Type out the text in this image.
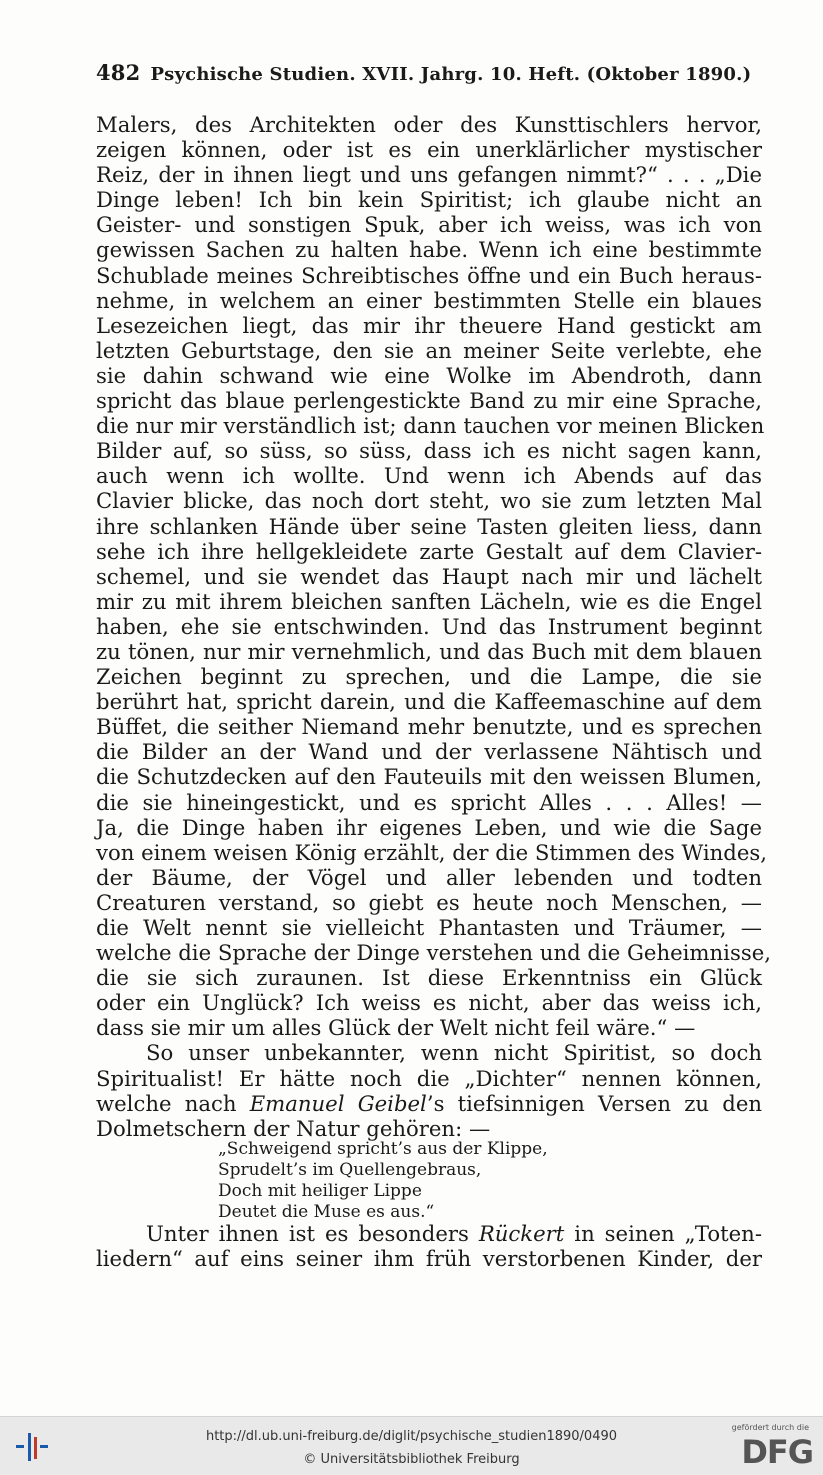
482 Psychische Studien. XVII. Jahrg. 10. Heft. (Oktober 1890.)
Malers, des Architekten oder des Kunsttischlers hervor,
zeigen können, oder ist es ein unerklärlicher mystischer
Reiz, der in ihnen liegt und uns gefangen nimmt?“ . . . „Die
Dinge leben! Ich bin kein Spiritist; ich glaube nicht an
Geister- und sonstigen Spuk, aber ich weiss, was ich von
gewissen Sachen zu halten habe. Wenn ich eine bestimmte
Schublade meines Schreibtisches öffne und ein Buch heraus-
nehme, in welchem an einer bestimmten Stelle ein blaues
Lesezeichen liegt, das mir ihr theuere Hand gestickt am
letzten Geburtstage, den sie an meiner Seite verlebte, ehe
sie dahin schwand wie eine Wolke im Abendroth, dann
spricht das blaue perlengestickte Band zu mir eine Sprache,
die nur mir verständlich ist; dann tauchen vor meinen Blicken
Bilder auf, so süss, so süss, dass ich es nicht sagen kann,
auch wenn ich wollte. Und wenn ich Abends auf das
Clavier blicke, das noch dort steht, wo sie zum letzten Mal
ihre schlanken Hände über seine Tasten gleiten liess, dann
sehe ich ihre hellgekleidete zarte Gestalt auf dem Clavier-
schemel, und sie wendet das Haupt nach mir und lächelt
mir zu mit ihrem bleichen sanften Lächeln, wie es die Engel
haben, ehe sie entschwinden. Und das Instrument beginnt
zu tönen, nur mir vernehmlich, und das Buch mit dem blauen
Zeichen beginnt zu sprechen, und die Lampe, die sie
berührt hat, spricht darein, und die Kaffeemaschine auf dem
Büffet, die seither Niemand mehr benutzte, und es sprechen
die Bilder an der Wand und der verlassene Nähtisch und
die Schutzdecken auf den Fauteuils mit den weissen Blumen,
die sie hineingestickt, und es spricht Alles . . . Alles! —
Ja, die Dinge haben ihr eigenes Leben, und wie die Sage
von einem weisen König erzählt, der die Stimmen des Windes,
der Bäume, der Vögel und aller lebenden und todten
Creaturen verstand, so giebt es heute noch Menschen, —
die Welt nennt sie vielleicht Phantasten und Träumer, —
welche die Sprache der Dinge verstehen und die Geheimnisse,
die sie sich zuraunen. Ist diese Erkenntniss ein Glück
oder ein Unglück? Ich weiss es nicht, aber das weiss ich,
dass sie mir um alles Glück der Welt nicht feil wäre.“ —
So unser unbekannter, wenn nicht Spiritist, so doch
Spiritualist! Er hätte noch die „Dichter“ nennen können,
welche nach Emanuel Geibel’s tiefsinnigen Versen zu den
Dolmetschern der Natur gehören: —
„Schweigend spricht’s aus der Klippe,
Sprudelt’s im Quellengebraus,
Doch mit heiliger Lippe
Deutet die Muse es aus.“
Unter ihnen ist es besonders Rückert in seinen „Toten-
liedern“ auf eins seiner ihm früh verstorbenen Kinder, der
http://dl.ub.uni-freiburg.de/diglit/psychische_studien1890/0490
© Universitätsbibliothek Freiburg
gefördert durch die
DFG
